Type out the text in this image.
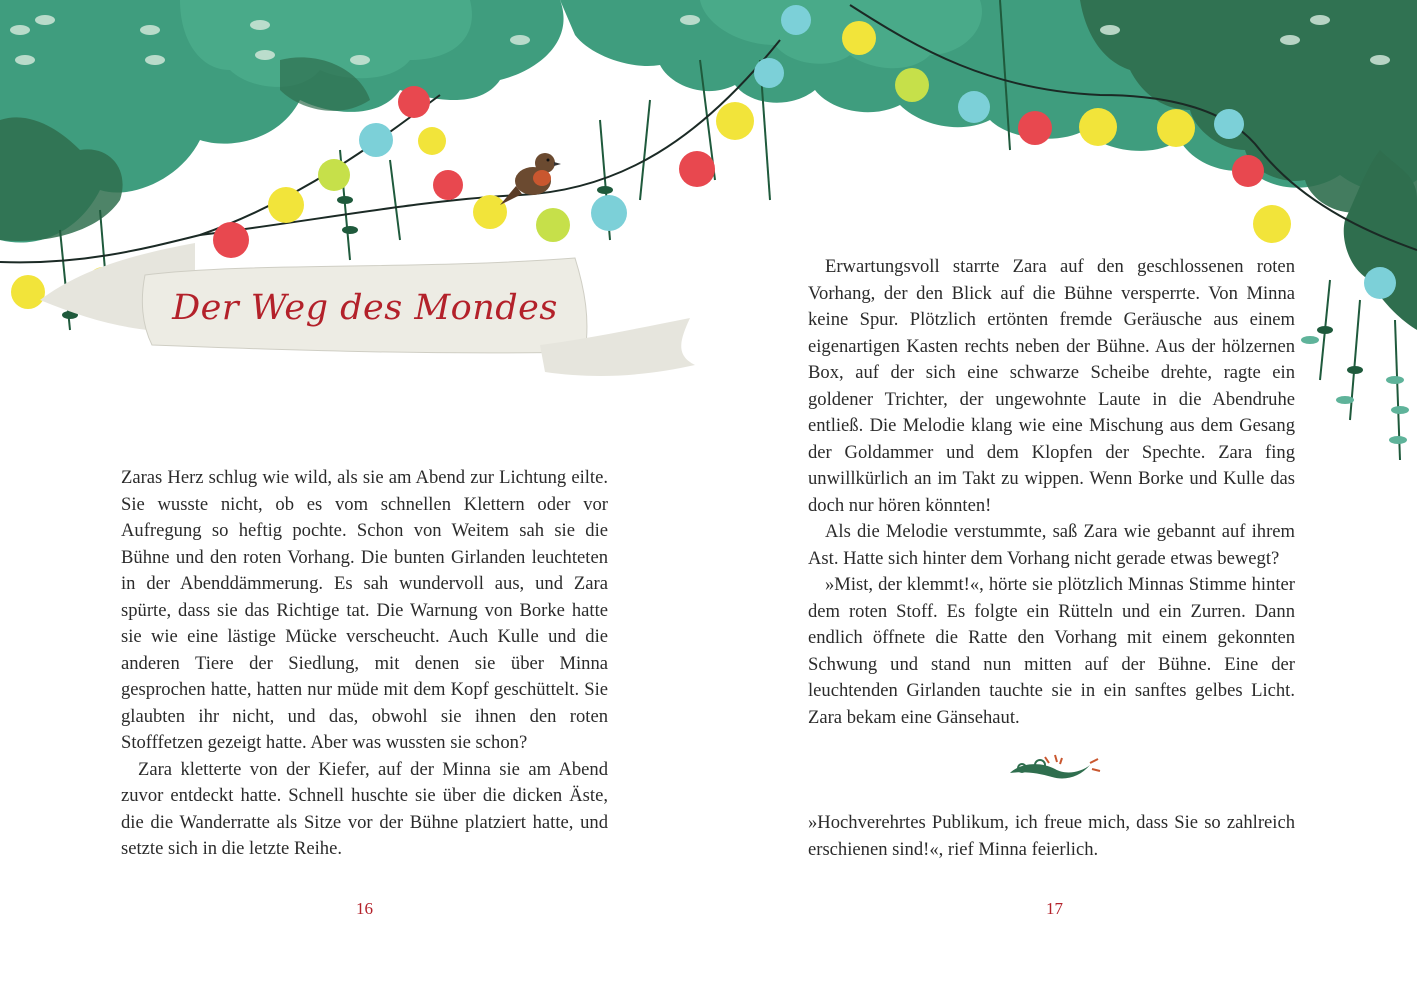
Der Weg des Mondes

Zaras Herz schlug wie wild, als sie am Abend zur Lichtung eilte. Sie wusste nicht, ob es vom schnellen Klettern oder vor Aufregung so heftig pochte. Schon von Weitem sah sie die Bühne und den roten Vorhang. Die bunten Girlanden leuchteten in der Abenddämmerung. Es sah wundervoll aus, und Zara spürte, dass sie das Richtige tat. Die Warnung von Borke hatte sie wie eine lästige Mücke verscheucht. Auch Kulle und die anderen Tiere der Siedlung, mit denen sie über Minna gesprochen hatte, hatten nur müde mit dem Kopf geschüttelt. Sie glaubten ihr nicht, und das, obwohl sie ihnen den roten Stofffetzen gezeigt hatte. Aber was wussten sie schon?

Zara kletterte von der Kiefer, auf der Minna sie am Abend zuvor entdeckt hatte. Schnell huschte sie über die dicken Äste, die die Wanderratte als Sitze vor der Bühne platziert hatte, und setzte sich in die letzte Reihe.

Erwartungsvoll starrte Zara auf den geschlossenen roten Vorhang, der den Blick auf die Bühne versperrte. Von Minna keine Spur. Plötzlich ertönten fremde Geräusche aus einem eigenartigen Kasten rechts neben der Bühne. Aus der hölzernen Box, auf der sich eine schwarze Scheibe drehte, ragte ein goldener Trichter, der ungewohnte Laute in die Abendruhe entließ. Die Melodie klang wie eine Mischung aus dem Gesang der Goldammer und dem Klopfen der Spechte. Zara fing unwillkürlich an im Takt zu wippen. Wenn Borke und Kulle das doch nur hören könnten!

Als die Melodie verstummte, saß Zara wie gebannt auf ihrem Ast. Hatte sich hinter dem Vorhang nicht gerade etwas bewegt?

»Mist, der klemmt!«, hörte sie plötzlich Minnas Stimme hinter dem roten Stoff. Es folgte ein Rütteln und ein Zurren. Dann endlich öffnete die Ratte den Vorhang mit einem gekonnten Schwung und stand nun mitten auf der Bühne. Eine der leuchtenden Girlanden tauchte sie in ein sanftes gelbes Licht. Zara bekam eine Gänsehaut.

»Hochverehrtes Publikum, ich freue mich, dass Sie so zahlreich erschienen sind!«, rief Minna feierlich.

16	17
